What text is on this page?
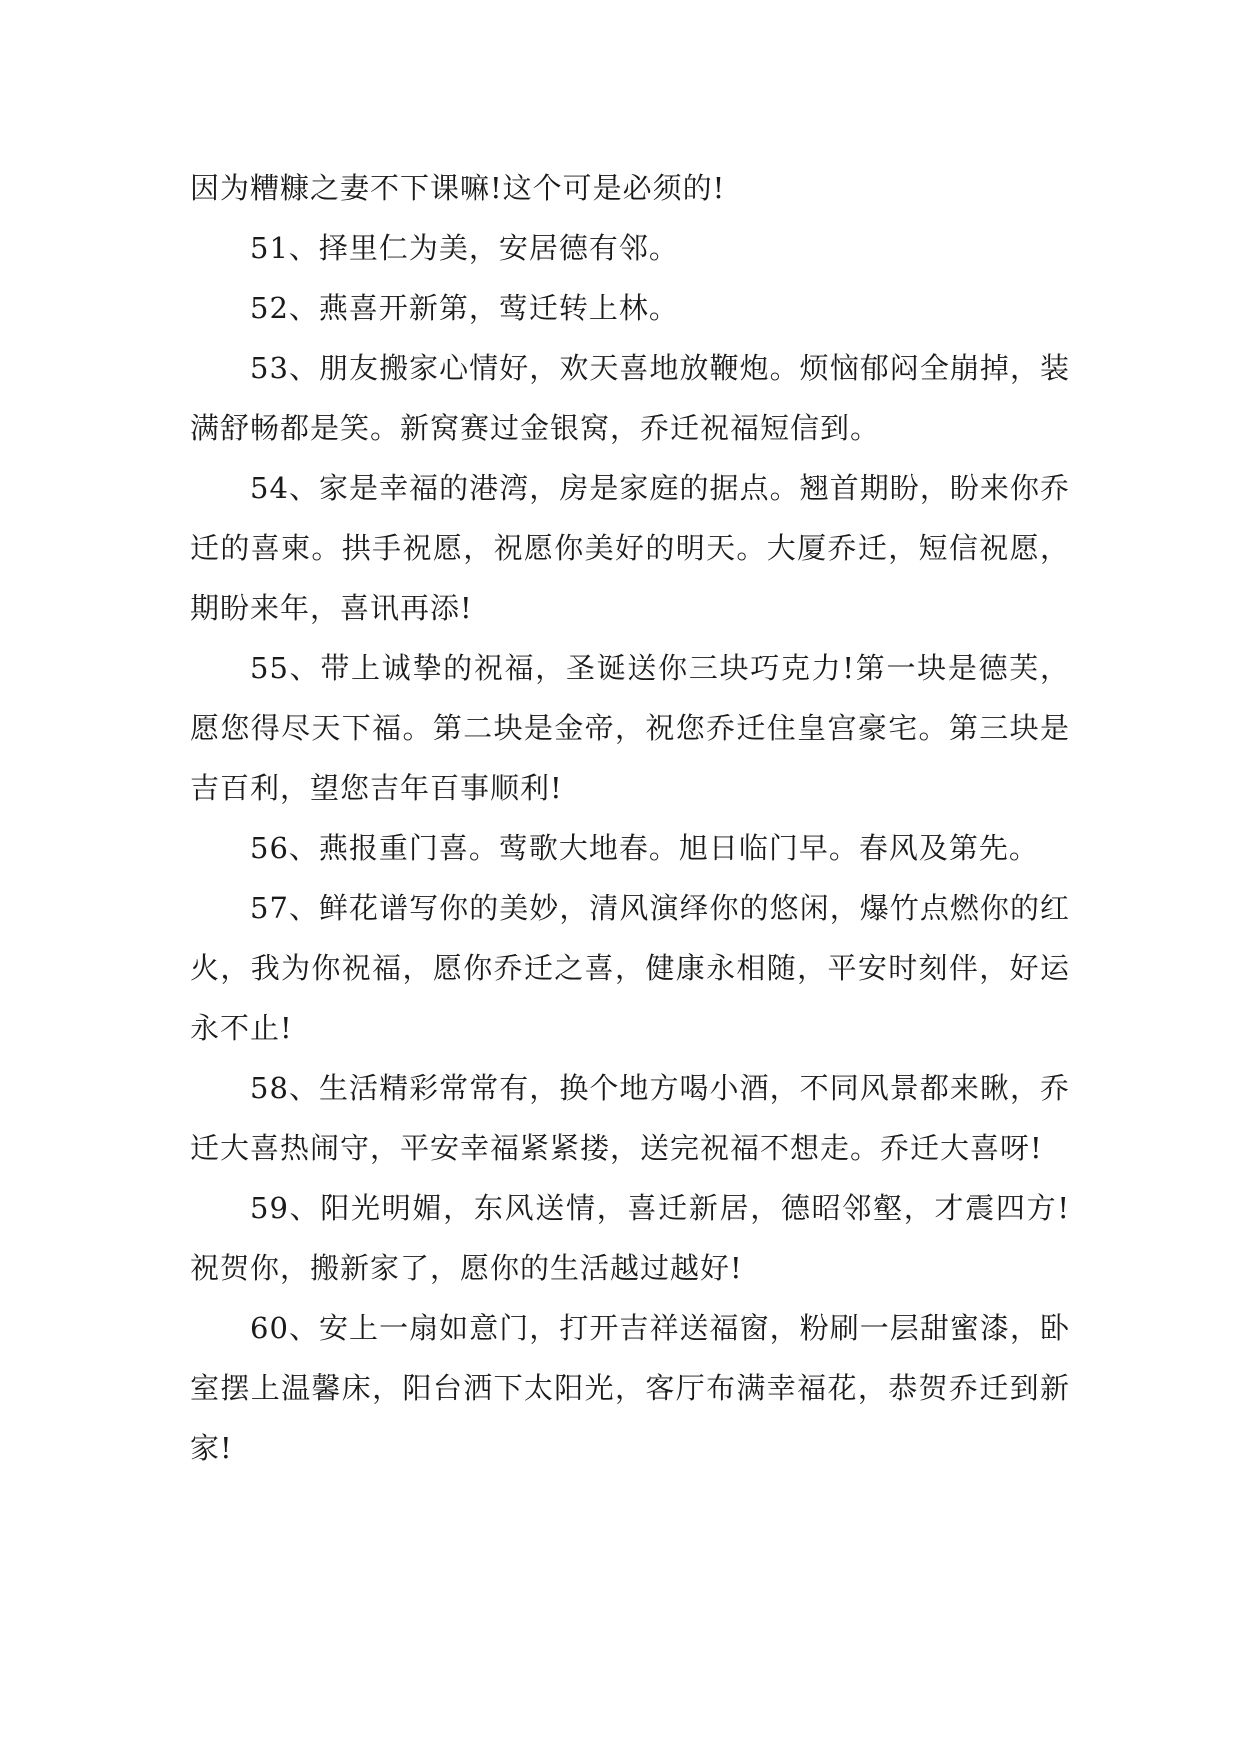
因为糟糠之妻不下课嘛!这个可是必须的!

51、择里仁为美，安居德有邻。

52、燕喜开新第，莺迁转上林。

53、朋友搬家心情好，欢天喜地放鞭炮。烦恼郁闷全崩掉，装满舒畅都是笑。新窝赛过金银窝，乔迁祝福短信到。

54、家是幸福的港湾，房是家庭的据点。翘首期盼，盼来你乔迁的喜柬。拱手祝愿，祝愿你美好的明天。大厦乔迁，短信祝愿，期盼来年，喜讯再添!

55、带上诚挚的祝福，圣诞送你三块巧克力!第一块是德芙，愿您得尽天下福。第二块是金帝，祝您乔迁住皇宫豪宅。第三块是吉百利，望您吉年百事顺利!

56、燕报重门喜。莺歌大地春。旭日临门早。春风及第先。

57、鲜花谱写你的美妙，清风演绎你的悠闲，爆竹点燃你的红火，我为你祝福，愿你乔迁之喜，健康永相随，平安时刻伴，好运永不止!

58、生活精彩常常有，换个地方喝小酒，不同风景都来瞅，乔迁大喜热闹守，平安幸福紧紧搂，送完祝福不想走。乔迁大喜呀!

59、阳光明媚，东风送情，喜迁新居，德昭邻壑，才震四方!祝贺你，搬新家了，愿你的生活越过越好!

60、安上一扇如意门，打开吉祥送福窗，粉刷一层甜蜜漆，卧室摆上温馨床，阳台洒下太阳光，客厅布满幸福花，恭贺乔迁到新家!
